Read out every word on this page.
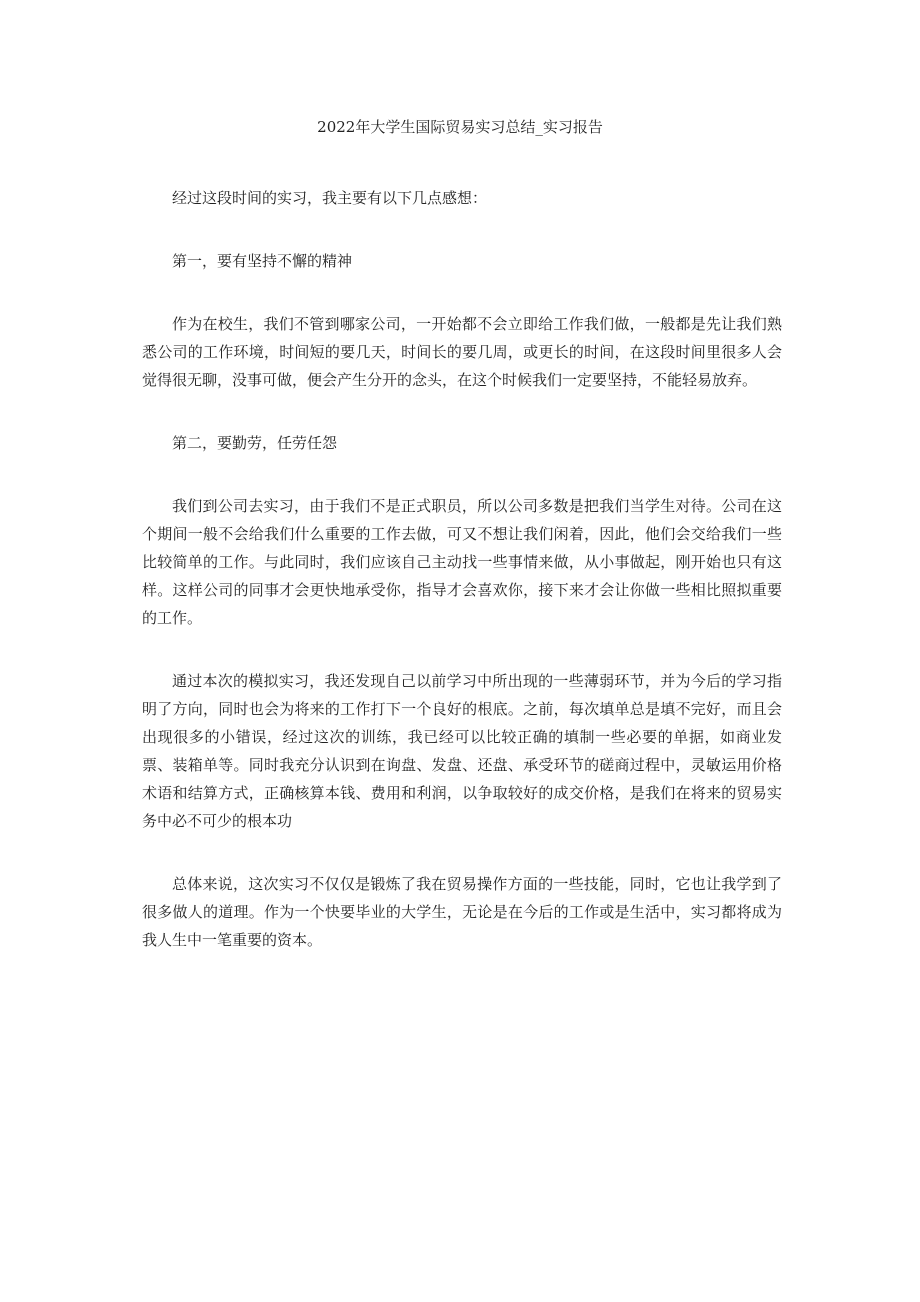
2022年大学生国际贸易实习总结_实习报告

经过这段时间的实习，我主要有以下几点感想：

第一，要有坚持不懈的精神

作为在校生，我们不管到哪家公司，一开始都不会立即给工作我们做，一般都是先让我们熟悉公司的工作环境，时间短的要几天，时间长的要几周，或更长的时间，在这段时间里很多人会觉得很无聊，没事可做，便会产生分开的念头，在这个时候我们一定要坚持，不能轻易放弃。

第二，要勤劳，任劳任怨

我们到公司去实习，由于我们不是正式职员，所以公司多数是把我们当学生对待。公司在这个期间一般不会给我们什么重要的工作去做，可又不想让我们闲着，因此，他们会交给我们一些比较简单的工作。与此同时，我们应该自己主动找一些事情来做，从小事做起，刚开始也只有这样。这样公司的同事才会更快地承受你，指导才会喜欢你，接下来才会让你做一些相比照拟重要的工作。

通过本次的模拟实习，我还发现自己以前学习中所出现的一些薄弱环节，并为今后的学习指明了方向，同时也会为将来的工作打下一个良好的根底。之前，每次填单总是填不完好，而且会出现很多的小错误，经过这次的训练，我已经可以比较正确的填制一些必要的单据，如商业发票、装箱单等。同时我充分认识到在询盘、发盘、还盘、承受环节的磋商过程中，灵敏运用价格术语和结算方式，正确核算本钱、费用和利润，以争取较好的成交价格，是我们在将来的贸易实务中必不可少的根本功

总体来说，这次实习不仅仅是锻炼了我在贸易操作方面的一些技能，同时，它也让我学到了很多做人的道理。作为一个快要毕业的大学生，无论是在今后的工作或是生活中，实习都将成为我人生中一笔重要的资本。
